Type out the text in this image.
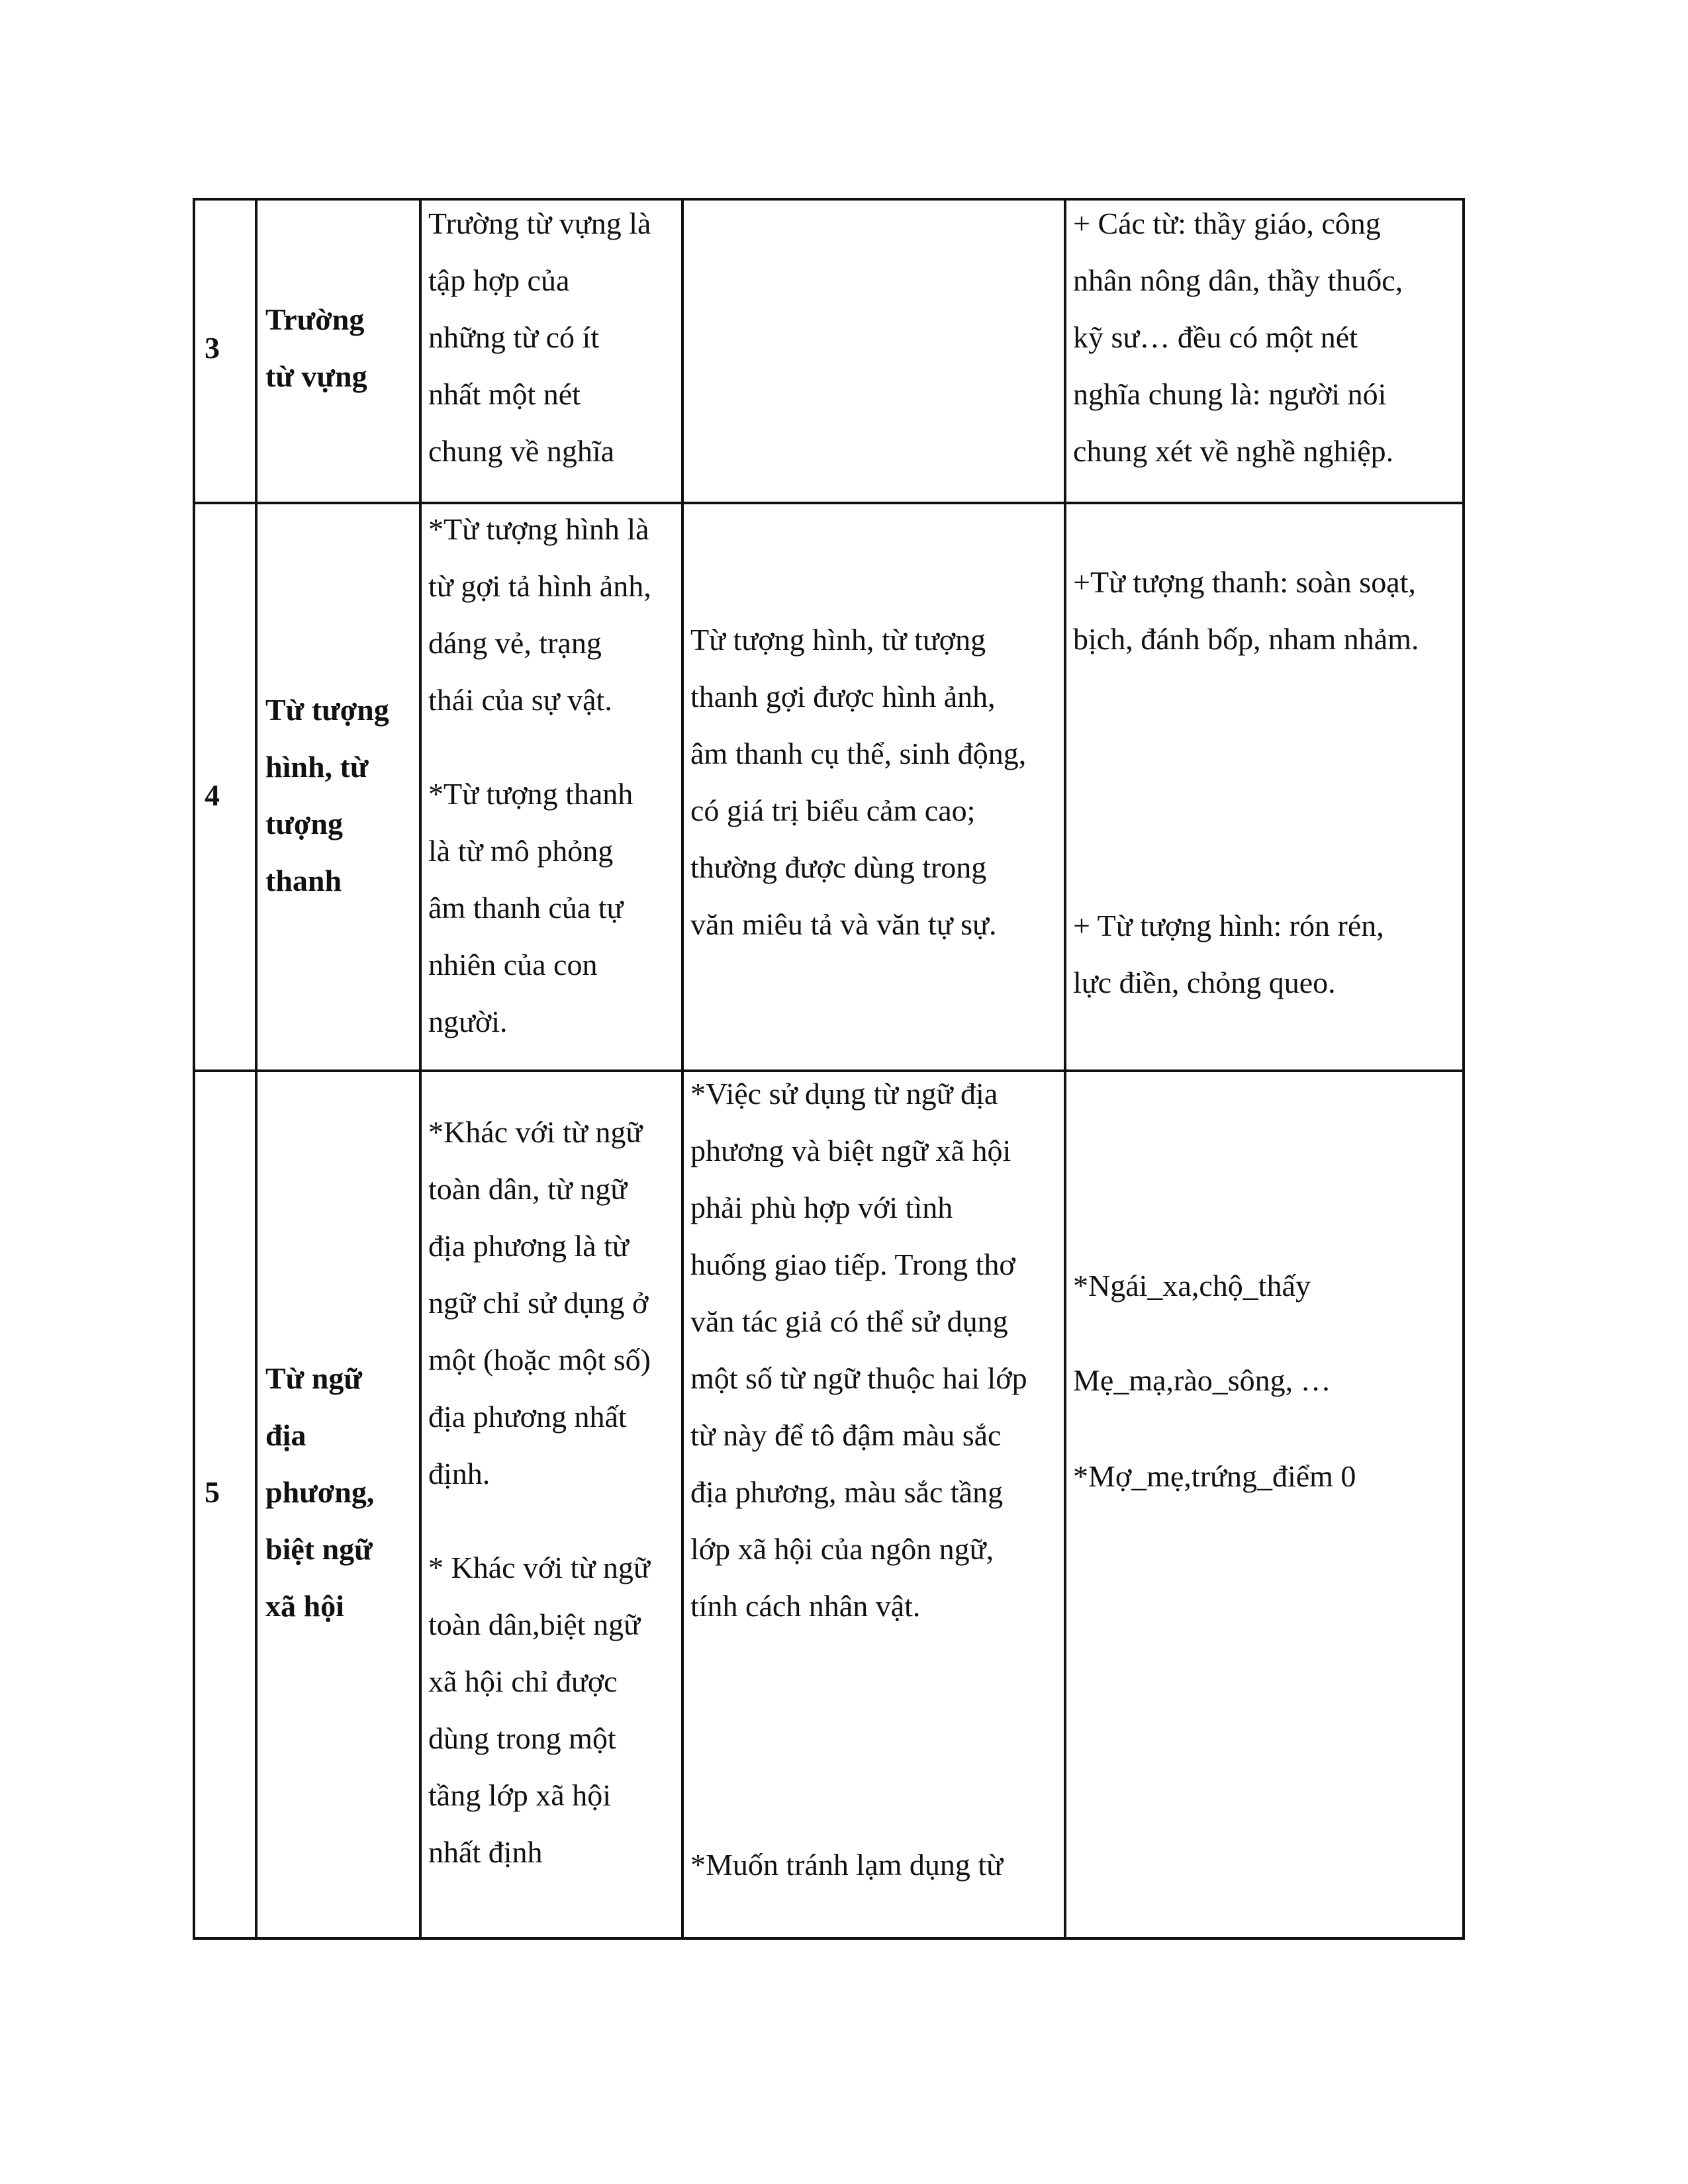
3
Trường
từ vựng
Trường từ vựng là
tập hợp của
những từ có ít
nhất một nét
chung về nghĩa
+ Các từ: thầy giáo, công
nhân nông dân, thầy thuốc,
kỹ sư… đều có một nét
nghĩa chung là: người nói
chung xét về nghề nghiệp.
4
Từ tượng
hình, từ
tượng
thanh
*Từ tượng hình là
từ gợi tả hình ảnh,
dáng vẻ, trạng
thái của sự vật.
*Từ tượng thanh
là từ mô phỏng
âm thanh của tự
nhiên của con
người.
Từ tượng hình, từ tượng
thanh gợi được hình ảnh,
âm thanh cụ thể, sinh động,
có giá trị biểu cảm cao;
thường được dùng trong
văn miêu tả và văn tự sự.
+Từ tượng thanh: soàn soạt,
bịch, đánh bốp, nham nhảm.
+ Từ tượng hình: rón rén,
lực điền, chỏng queo.
5
Từ ngữ
địa
phương,
biệt ngữ
xã hội
*Khác với từ ngữ
toàn dân, từ ngữ
địa phương là từ
ngữ chỉ sử dụng ở
một (hoặc một số)
địa phương nhất
định.
* Khác với từ ngữ
toàn dân,biệt ngữ
xã hội chỉ được
dùng trong một
tầng lớp xã hội
nhất định
*Việc sử dụng từ ngữ địa
phương và biệt ngữ xã hội
phải phù hợp với tình
huống giao tiếp. Trong thơ
văn tác giả có thể sử dụng
một số từ ngữ thuộc hai lớp
từ này để tô đậm màu sắc
địa phương, màu sắc tầng
lớp xã hội của ngôn ngữ,
tính cách nhân vật.
*Muốn tránh lạm dụng từ
*Ngái_xa,chộ_thấy
Mẹ_mạ,rào_sông, …
*Mợ_mẹ,trứng_điểm 0
